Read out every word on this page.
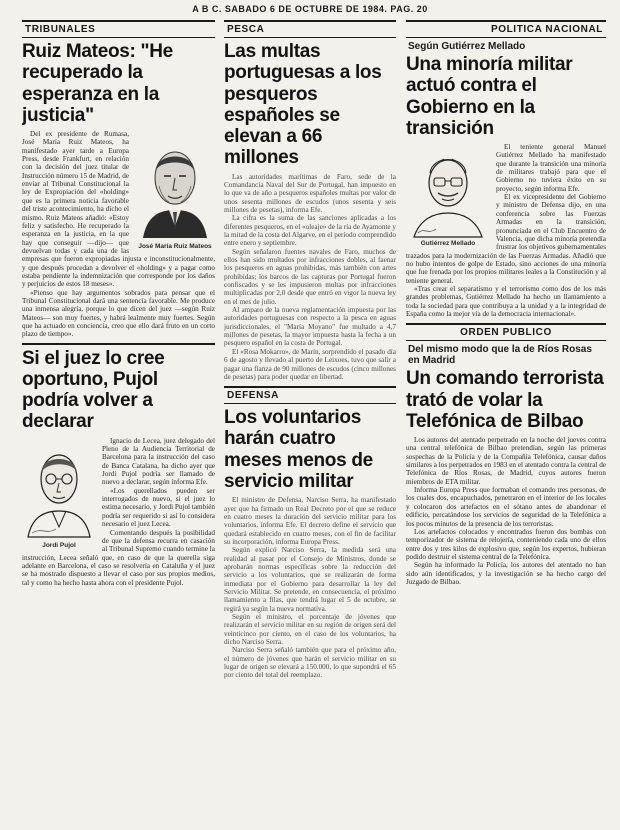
A B C. SABADO 6 DE OCTUBRE DE 1984. PAG. 20
TRIBUNALES
Ruiz Mateos: "He recuperado la esperanza en la justicia"
José María Ruiz Mateos

Del ex presidente de Rumasa, José María Ruiz Mateos, ha manifestado ayer tarde a Europa Press, desde Frankfurt, en relación con la decisión del juez titular de Instrucción número 15 de Madrid, de enviar al Tribunal Constitucional la ley de Expropiación del «holding» que es la primera noticia favorable del triste acontecimiento, ha dicho el mismo. Ruiz Mateos añadió: «Estoy feliz y satisfecho. He recuperado la esperanza en la justicia, en la que hay que conseguir —dijo— que devuelvan todas y cada una de las empresas que fueron expropiadas injusta e inconstitucionalmente, y que después procedan a devolver el «holding» y a pagar como estaba pendiente la indemnización que corresponde por los daños y perjuicios de estos 18 meses».

«Pienso que hay argumentos sobrados para pensar que el Tribunal Constitucional dará una sentencia favorable. Me produce una inmensa alegría, porque lo que dicen del juez —según Ruiz Mateos— son muy fuertes, y habrá lealmente muy fuertes. Según que ha actuado en conciencia, creo que ello dará fruto en un corto plazo de tiempo».

Si el juez lo cree oportuno, Pujol podría volver a declarar
Jordi Pujol

Ignacio de Lecea, juez delegado del Pleno de la Audiencia Territorial de Barcelona para la instrucción del caso de Banca Catalana, ha dicho ayer que Jordi Pujol podría ser llamado de nuevo a declarar, según informa Efe.

«Los querellados pueden ser interrogados de nuevo, si el juez lo estima necesario, y Jordi Pujol también podría ser requerido si así lo considera necesario el juez Lecea.

Comentando después la posibilidad de que la defensa recurra en casación al Tribunal Supremo cuando termine la instrucción, Lecea señaló que, en caso de que la querella siga adelante en Barcelona, el caso se resolvería en Cataluña y el juez se ha mostrado dispuesto a llevar el caso por sus propios medios, tal y como ha hecho hasta ahora con el presidente Pujol.

PESCA
Las multas portuguesas a los pesqueros españoles se elevan a 66 millones

Las autoridades marítimas de Faro, sede de la Comandancia Naval del Sur de Portugal, han impuesto en lo que va de año a pesqueros españoles multas por valor de unos sesenta millones de escudos (unos sesenta y seis millones de pesetas), informa Efe.

La cifra es la suma de las sanciones aplicadas a los diferentes pesqueros, en el «oleaje» de la ría de Ayamonte y la mitad de la costa del Algarve, en el período comprendido entre enero y septiembre.

Según señalaron fuentes navales de Faro, muchos de ellos han sido multados por infracciones dobles, al faenar los pesqueros en aguas prohibidas, más también con artes prohibidas; los barcos de las capturas por Portugal fueron confiscados y se les impusieron multas por infracciones multiplicadas por 2,0 desde que entró en vigor la nueva ley en el mes de julio.

Al amparo de la nueva reglamentación impuesta por las autoridades portuguesas con respecto a la pesca en aguas jurisdiccionales, el "María Moyano" fue multado a 4,7 millones de pesetas, la mayor impuesta hasta la fecha a un pesquero español en la costa de Portugal.

El «Rosa Mokarro», de Marín, sorprendido el pasado día 6 de agosto y llevado al puerto de Leixoes, tuvo que salir a pagar una fianza de 90 millones de escudos (cinco millones de pesetas) para poder quedar en libertad.

DEFENSA
Los voluntarios harán cuatro meses menos de servicio militar

El ministro de Defensa, Narciso Serra, ha manifestado ayer que ha firmado un Real Decreto por el que se reduce en cuatro meses la duración del servicio militar para los voluntarios, informa Efe. El decreto define el servicio que quedará establecido en cuatro meses, con el fin de facilitar su incorporación, informa Europa Press.

Según explicó Narciso Serra, la medida será una realidad al pasar por el Consejo de Ministros, donde se aprobarán normas específicas sobre la reducción del servicio a los voluntarios, que se realizarán de forma inmediata por el Gobierno para desarrollar la ley del Servicio Militar. Se pretende, en consecuencia, el próximo llamamiento a filas, que tendrá lugar el 5 de octubre, se regirá ya según la nueva normativa.

Según el ministro, el porcentaje de jóvenes que realizarán el servicio militar en su región de origen será del veinticinco por ciento, en el caso de los voluntarios, ha dicho Narciso Serra.

Narciso Serra señaló también que para el próximo año, el número de jóvenes que harán el servicio militar en su lugar de origen se elevará a 150.000, lo que supondrá el 65 por ciento del total del reemplazo.

POLITICA NACIONAL
Según Gutiérrez Mellado
Una minoría militar actuó contra el Gobierno en la transición
Gutiérrez Mellado

El teniente general Manuel Gutiérrez Mellado ha manifestado que durante la transición una minoría de militares trabajó para que el Gobierno no tuviera éxito en su proyecto, según informa Efe.

El ex vicepresidente del Gobierno y ministro de Defensa dijo, en una conferencia sobre las Fuerzas Armadas en la transición, pronunciada en el Club Encuentro de Valencia, que dicha minoría pretendía frustrar los objetivos gubernamentales trazados para la modernización de las Fuerzas Armadas. Añadió que no hubo intentos de golpe de Estado, sino acciones de una minoría que fue frenada por los propios militares leales a la Constitución y al teniente general.

«Tras crear el separatismo y el terrorismo como dos de los más grandes problemas, Gutiérrez Mellado ha hecho un llamamiento a toda la sociedad para que contribuya a la unidad y a la integridad de España como la mejor vía de la democracia internacional».

ORDEN PUBLICO
Del mismo modo que la de Ríos Rosas en Madrid
Un comando terrorista trató de volar la Telefónica de Bilbao

Los autores del atentado perpetrado en la noche del jueves contra una central telefónica de Bilbao pretendían, según las primeras sospechas de la Policía y de la Compañía Telefónica, causar daños similares a los perpetrados en 1983 en el atentado contra la central de Telefónica de Ríos Rosas, de Madrid, cuyos autores fueron miembros de ETA militar.

Informa Europa Press que formaban el comando tres personas, de los cuales dos, encapuchados, penetraron en el interior de los locales y colocaron dos artefactos en el sótano antes de abandonar el edificio, percatándose los servicios de seguridad de la Telefónica a los pocos minutos de la presencia de los terroristas.

Los artefactos colocados y encontrados fueron dos bombas con temporizador de sistema de relojería, conteniendo cada uno de ellos entre dos y tres kilos de explosivo que, según los expertos, hubieran podido destruir el sistema central de la Telefónica.

Según ha informado la Policía, los autores del atentado no han sido aún identificados, y la investigación se ha hecho cargo del Juzgado de Bilbao.
